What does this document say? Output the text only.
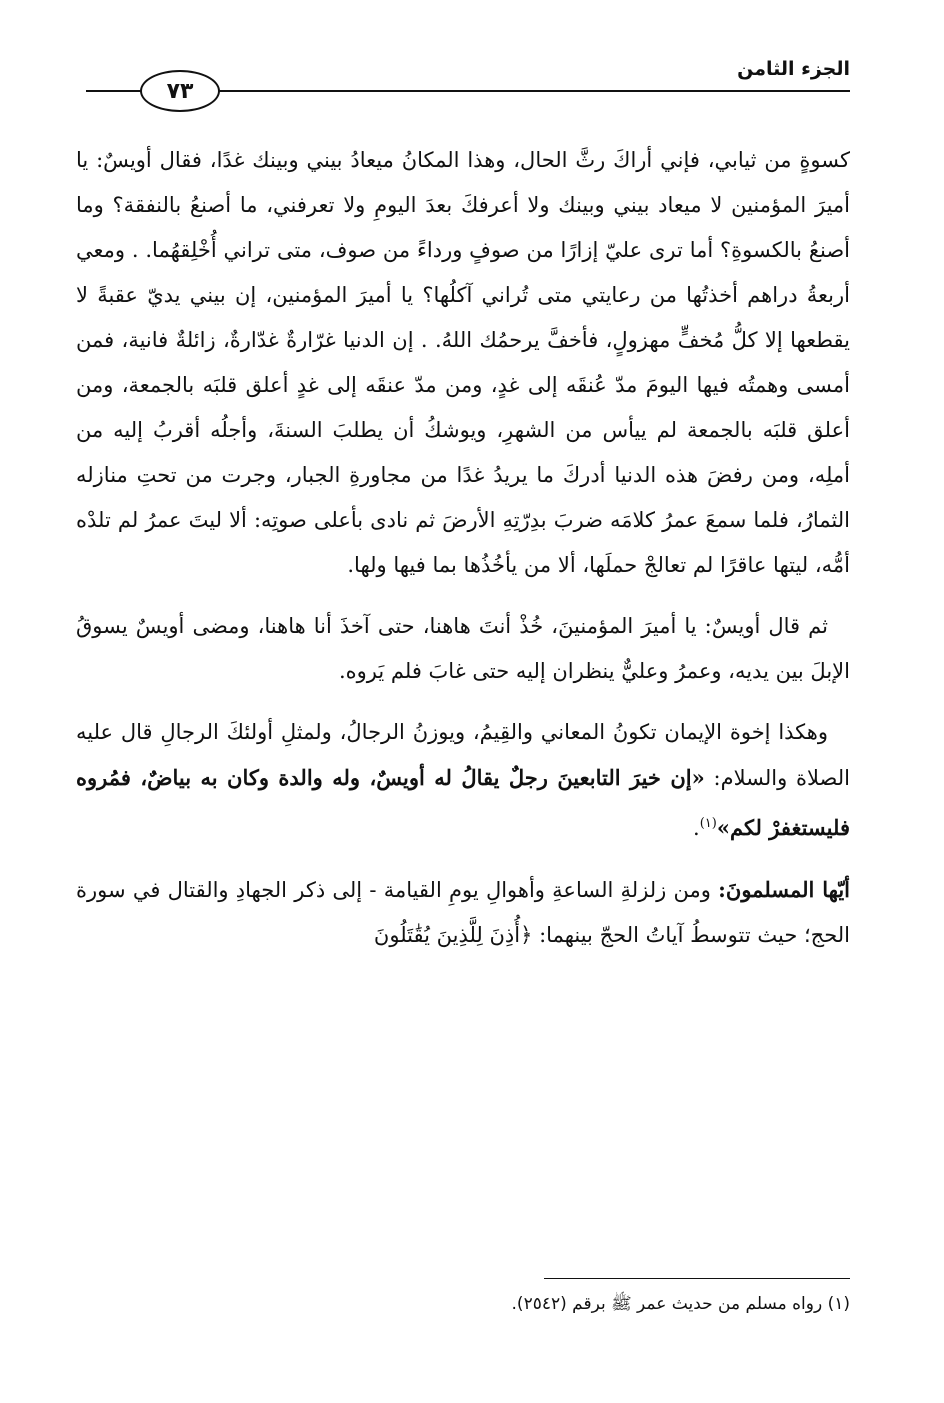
الجزء الثامن
٧٣

كسوةٍ من ثيابي، فإني أراكَ رثَّ الحال، وهذا المكانُ ميعادُ بيني وبينك غدًا، فقال أويسٌ: يا أميرَ المؤمنين لا ميعاد بيني وبينك ولا أعرفكَ بعدَ اليومِ ولا تعرفني، ما أصنعُ بالنفقة؟ وما أصنعُ بالكسوةِ؟ أما ترى عليّ إزارًا من صوفٍ ورداءً من صوف، متى تراني أُخْلِقهُما. . ومعي أربعةُ دراهم أخذتُها من رعايتي متى تُراني آكلُها؟ يا أميرَ المؤمنين، إن بيني يديّ عقبةً لا يقطعها إلا كلُّ مُخفٍّ مهزولٍ، فأخفَّ يرحمُك اللهُ. . إن الدنيا غرّارةٌ غدّارةٌ، زائلةٌ فانية، فمن أمسى وهمتُه فيها اليومَ مدّ عُنقَه إلى غدٍ، ومن مدّ عنقَه إلى غدٍ أعلق قلبَه بالجمعة، ومن أعلق قلبَه بالجمعة لم ييأس من الشهرِ، ويوشكُ أن يطلبَ السنةَ، وأجلُه أقربُ إليه من أملِه، ومن رفضَ هذه الدنيا أدركَ ما يريدُ غدًا من مجاورةِ الجبار، وجرت من تحتِ منازله الثمارُ، فلما سمعَ عمرُ كلامَه ضربَ بدِرّتِهِ الأرضَ ثم نادى بأعلى صوتِه: ألا ليتَ عمرُ لم تلدْه أمُّه، ليتها عاقرًا لم تعالجْ حملَها، ألا من يأخُذُها بما فيها ولها.

ثم قال أويسٌ: يا أميرَ المؤمنينَ، خُذْ أنتَ هاهنا، حتى آخذَ أنا هاهنا، ومضى أويسٌ يسوقُ الإبلَ بين يديه، وعمرُ وعليٌّ ينظران إليه حتى غابَ فلم يَروه.

وهكذا إخوة الإيمان تكونُ المعاني والقِيمُ، ويوزنُ الرجالُ، ولمثلِ أولئكَ الرجالِ قال عليه الصلاة والسلام: «إن خيرَ التابعينَ رجلٌ يقالُ له أويسٌ، وله والدة وكان به بياضٌ، فمُروه فليستغفرْ لكم»$^{(١)}$.

أيّها المسلمونَ: ومن زلزلةِ الساعةِ وأهوالِ يومِ القيامة - إلى ذكر الجهادِ والقتال في سورة الحج؛ حيث تتوسطُ آياتُ الحجّ بينهما: ﴿أُذِنَ لِلَّذِينَ يُقَٰتَلُونَ

(١) رواه مسلم من حديث عمر ﷺ برقم (٢٥٤٢).
